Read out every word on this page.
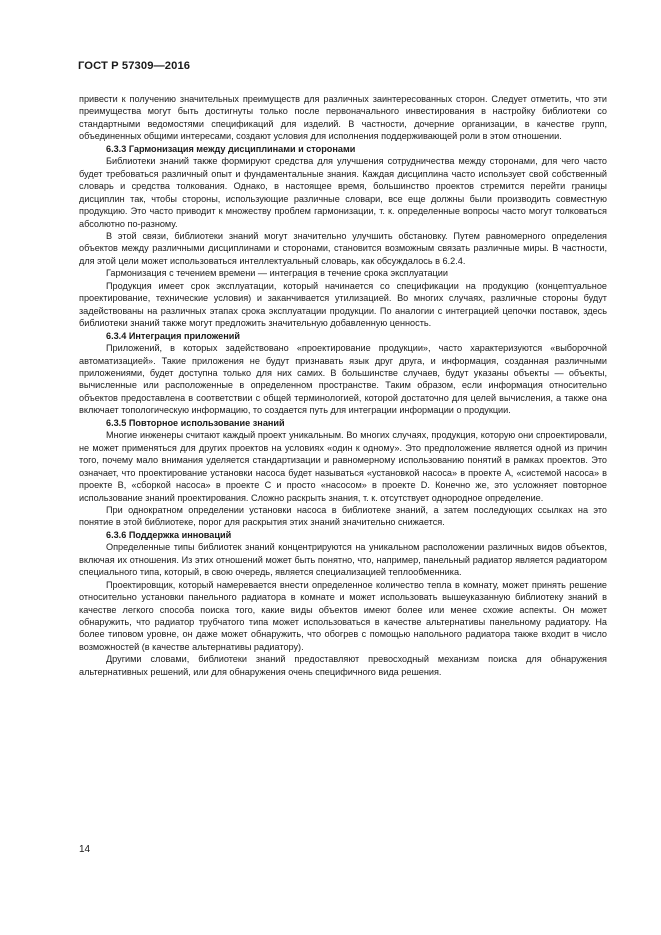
ГОСТ Р 57309—2016

привести к получению значительных преимуществ для различных заинтересованных сторон. Следует отметить, что эти преимущества могут быть достигнуты только после первоначального инвестирования в настройку библиотеки со стандартными ведомостями спецификаций для изделий. В частности, дочерние организации, в качестве групп, объединенных общими интересами, создают условия для исполнения поддерживающей роли в этом отношении.

6.3.3 Гармонизация между дисциплинами и сторонами

Библиотеки знаний также формируют средства для улучшения сотрудничества между сторонами, для чего часто будет требоваться различный опыт и фундаментальные знания. Каждая дисциплина часто использует свой собственный словарь и средства толкования. Однако, в настоящее время, большинство проектов стремится перейти границы дисциплин так, чтобы стороны, использующие различные словари, все еще должны были производить совместную продукцию. Это часто приводит к множеству проблем гармонизации, т. к. определенные вопросы часто могут толковаться абсолютно по-разному.

В этой связи, библиотеки знаний могут значительно улучшить обстановку. Путем равномерного определения объектов между различными дисциплинами и сторонами, становится возможным связать различные миры. В частности, для этой цели может использоваться интеллектуальный словарь, как обсуждалось в 6.2.4.

Гармонизация с течением времени — интеграция в течение срока эксплуатации

Продукция имеет срок эксплуатации, который начинается со спецификации на продукцию (концептуальное проектирование, технические условия) и заканчивается утилизацией. Во многих случаях, различные стороны будут задействованы на различных этапах срока эксплуатации продукции. По аналогии с интеграцией цепочки поставок, здесь библиотеки знаний также могут предложить значительную добавленную ценность.

6.3.4 Интеграция приложений

Приложений, в которых задействовано «проектирование продукции», часто характеризуются «выборочной автоматизацией». Такие приложения не будут признавать язык друг друга, и информация, созданная различными приложениями, будет доступна только для них самих. В большинстве случаев, будут указаны объекты — объекты, вычисленные или расположенные в определенном пространстве. Таким образом, если информация относительно объектов предоставлена в соответствии с общей терминологией, которой достаточно для целей вычисления, а также она включает топологическую информацию, то создается путь для интеграции информации о продукции.

6.3.5 Повторное использование знаний

Многие инженеры считают каждый проект уникальным. Во многих случаях, продукция, которую они спроектировали, не может применяться для других проектов на условиях «один к одному». Это предположение является одной из причин того, почему мало внимания уделяется стандартизации и равномерному использованию понятий в рамках проектов. Это означает, что проектирование установки насоса будет называться «установкой насоса» в проекте А, «системой насоса» в проекте В, «сборкой насоса» в проекте С и просто «насосом» в проекте D. Конечно же, это усложняет повторное использование знаний проектирования. Сложно раскрыть знания, т. к. отсутствует однородное определение.

При однократном определении установки насоса в библиотеке знаний, а затем последующих ссылках на это понятие в этой библиотеке, порог для раскрытия этих знаний значительно снижается.

6.3.6 Поддержка инноваций

Определенные типы библиотек знаний концентрируются на уникальном расположении различных видов объектов, включая их отношения. Из этих отношений может быть понятно, что, например, панельный радиатор является радиатором специального типа, который, в свою очередь, является специализацией теплообменника.

Проектировщик, который намеревается внести определенное количество тепла в комнату, может принять решение относительно установки панельного радиатора в комнате и может использовать вышеуказанную библиотеку знаний в качестве легкого способа поиска того, какие виды объектов имеют более или менее схожие аспекты. Он может обнаружить, что радиатор трубчатого типа может использоваться в качестве альтернативы панельному радиатору. На более типовом уровне, он даже может обнаружить, что обогрев с помощью напольного радиатора также входит в число возможностей (в качестве альтернативы радиатору).

Другими словами, библиотеки знаний предоставляют превосходный механизм поиска для обнаружения альтернативных решений, или для обнаружения очень специфичного вида решения.

14
